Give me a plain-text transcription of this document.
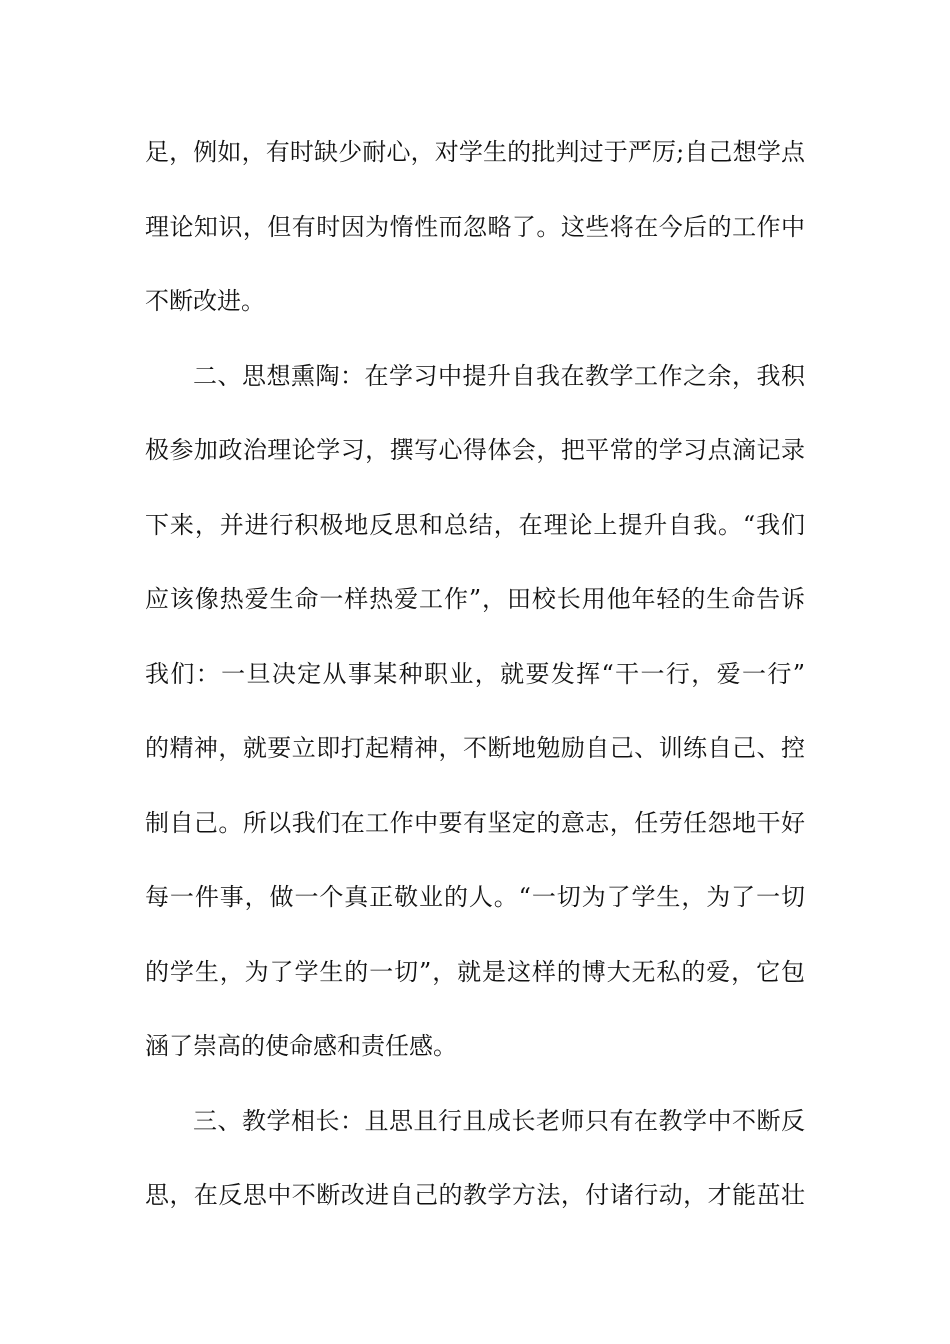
足，例如，有时缺少耐心，对学生的批判过于严厉;自己想学点
理论知识，但有时因为惰性而忽略了。这些将在今后的工作中
不断改进。
二、思想熏陶：在学习中提升自我在教学工作之余，我积
极参加政治理论学习，撰写心得体会，把平常的学习点滴记录
下来，并进行积极地反思和总结，在理论上提升自我。“我们
应该像热爱生命一样热爱工作”，田校长用他年轻的生命告诉
我们：一旦决定从事某种职业，就要发挥“干一行，爱一行”
的精神，就要立即打起精神，不断地勉励自己、训练自己、控
制自己。所以我们在工作中要有坚定的意志，任劳任怨地干好
每一件事，做一个真正敬业的人。“一切为了学生，为了一切
的学生，为了学生的一切”，就是这样的博大无私的爱，它包
涵了崇高的使命感和责任感。
三、教学相长：且思且行且成长老师只有在教学中不断反
思，在反思中不断改进自己的教学方法，付诸行动，才能茁壮
